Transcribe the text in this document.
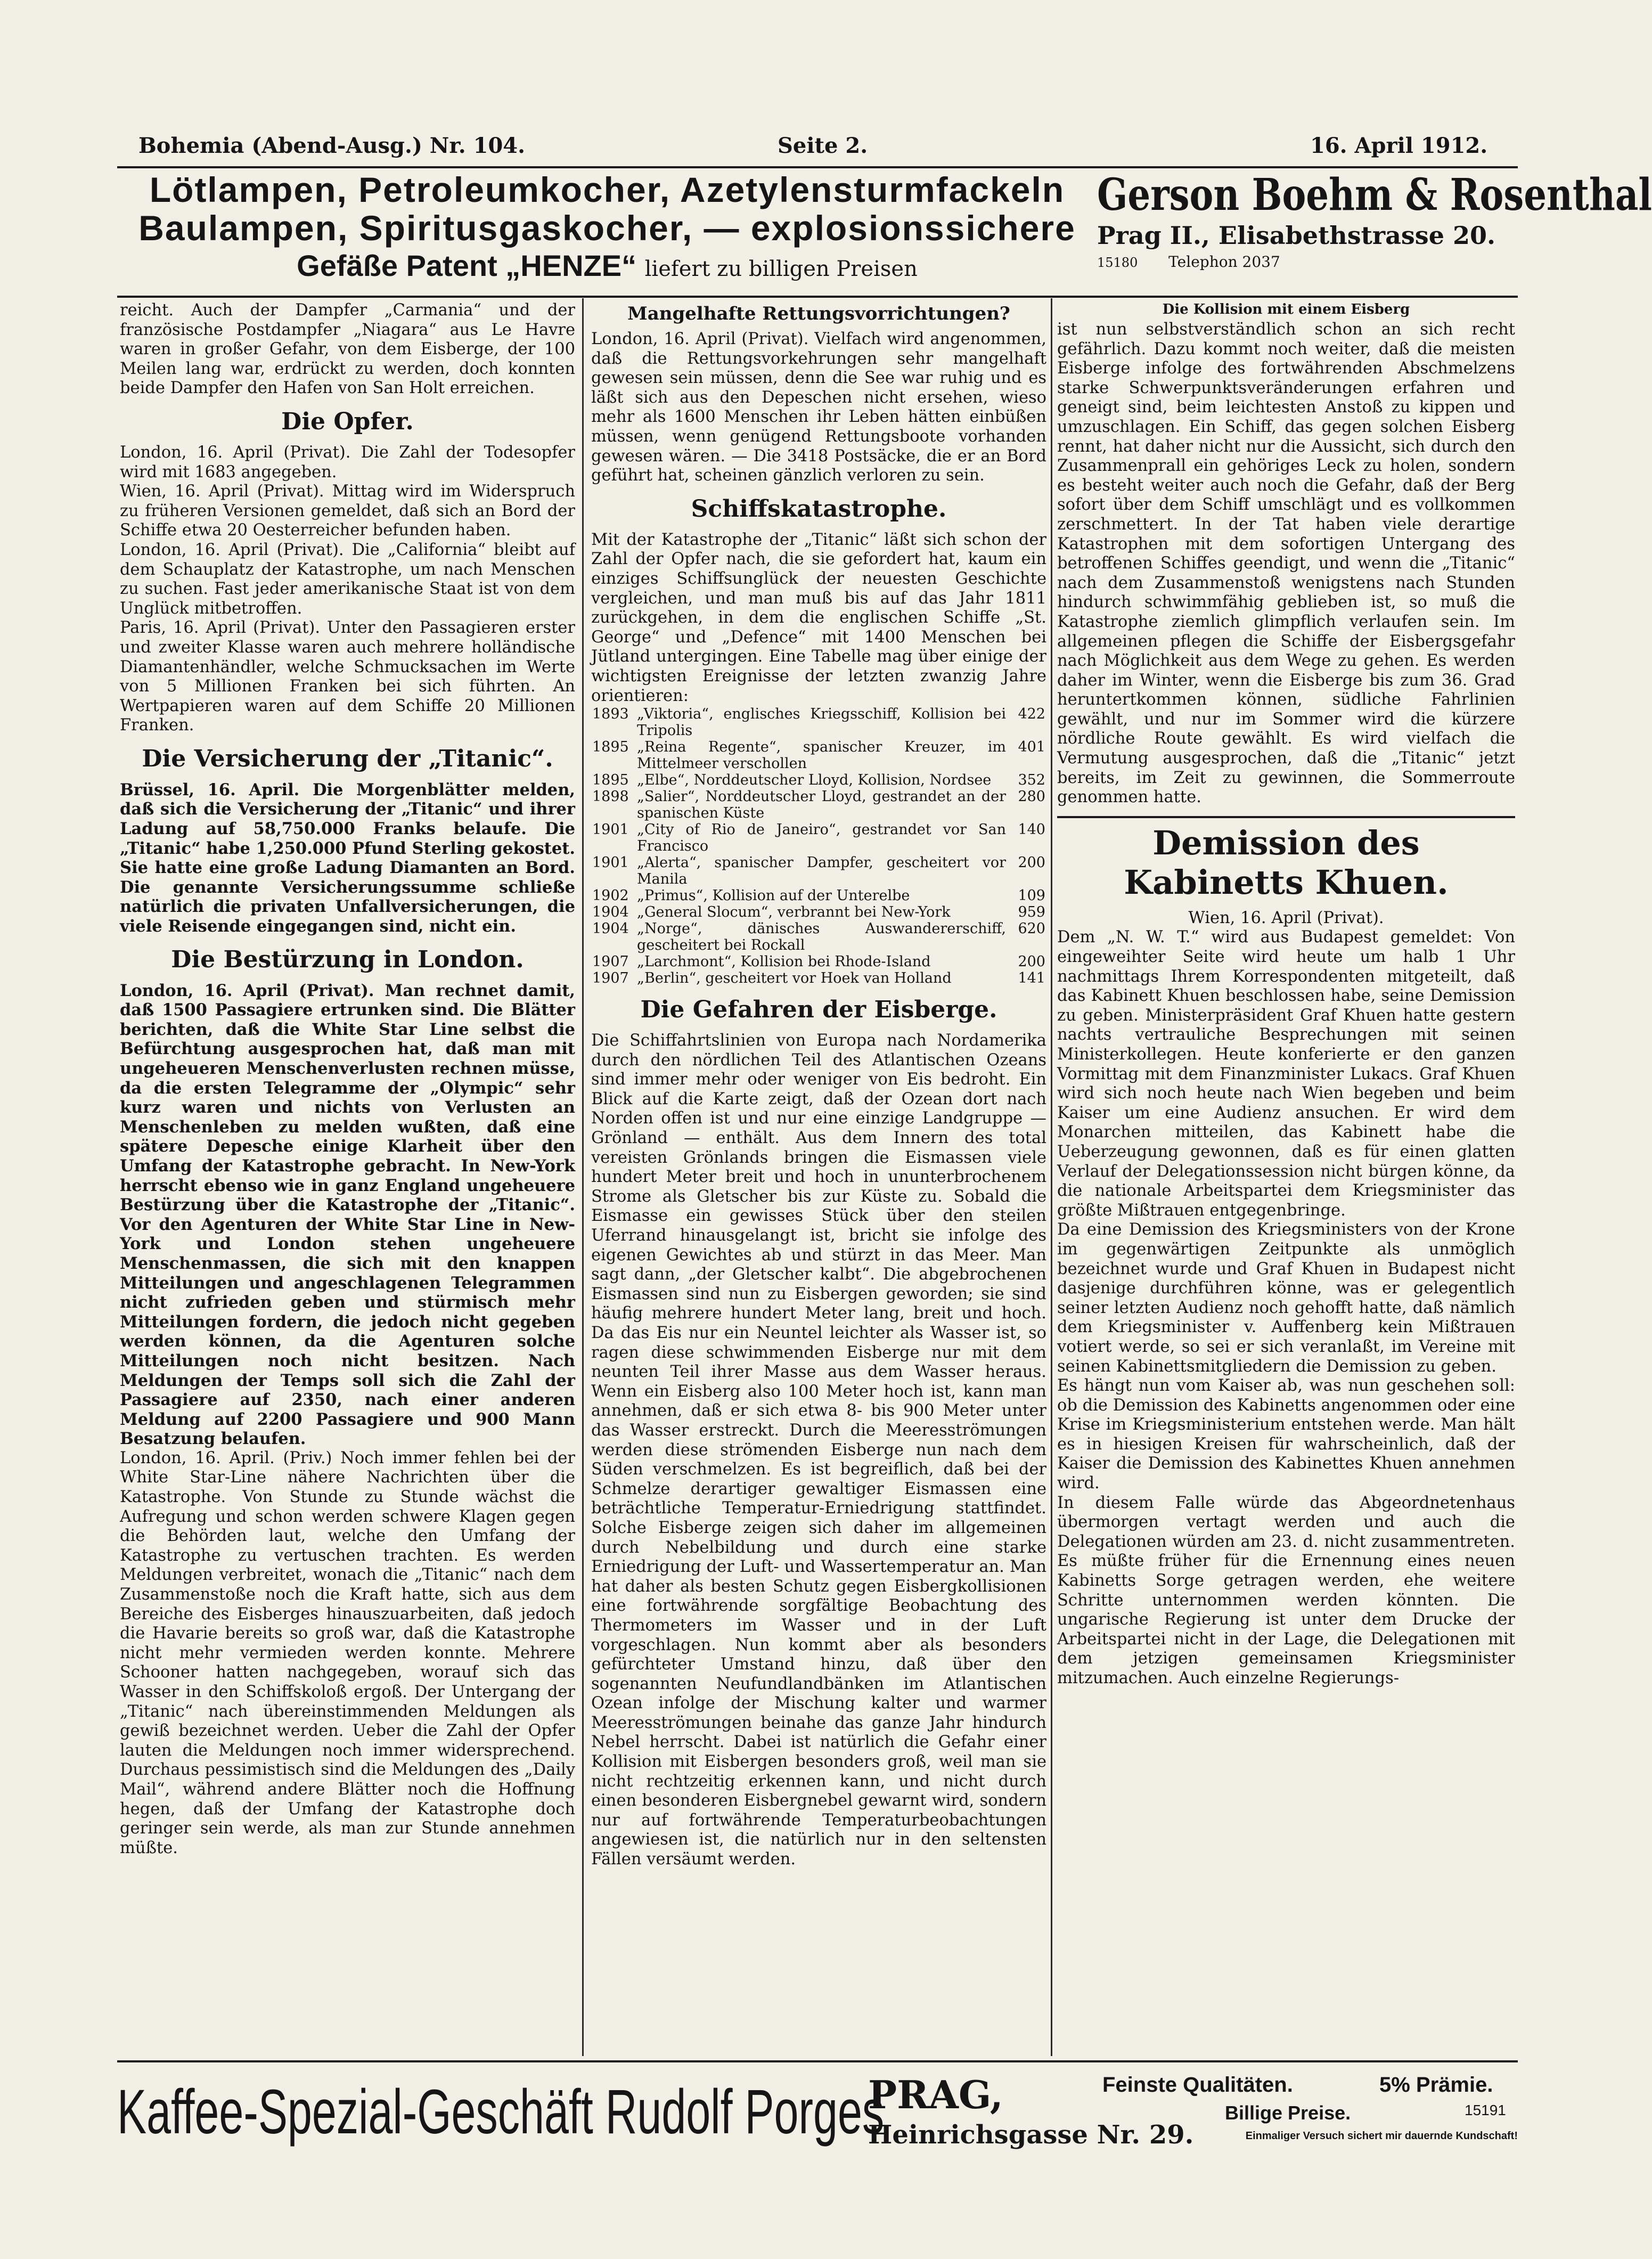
Bohemia (Abend-Ausg.) Nr. 104.	Seite 2.	16. April 1912.
Lötlampen, Petroleumkocher, Azetylensturmfackeln
Baulampen, Spiritusgaskocher, — explosionssichere
Gefäße Patent „HENZE“ liefert zu billigen Preisen
Gerson Boehm & Rosenthal
Prag II., Elisabethstrasse 20.
15180 Telephon 2037

reicht. Auch der Dampfer „Carmania“ und der französische Postdampfer „Niagara“ aus Le Havre waren in großer Gefahr, von dem Eisberge, der 100 Meilen lang war, erdrückt zu werden, doch konnten beide Dampfer den Hafen von San Holt erreichen.

Die Opfer.

London, 16. April (Privat). Die Zahl der Todesopfer wird mit 1683 angegeben.

Wien, 16. April (Privat). Mittag wird im Widerspruch zu früheren Versionen gemeldet, daß sich an Bord der Schiffe etwa 20 Oesterreicher befunden haben.

London, 16. April (Privat). Die „California“ bleibt auf dem Schauplatz der Katastrophe, um nach Menschen zu suchen. Fast jeder amerikanische Staat ist von dem Unglück mitbetroffen.

Paris, 16. April (Privat). Unter den Passagieren erster und zweiter Klasse waren auch mehrere holländische Diamantenhändler, welche Schmucksachen im Werte von 5 Millionen Franken bei sich führten. An Wertpapieren waren auf dem Schiffe 20 Millionen Franken.

Die Versicherung der „Titanic“.

Brüssel, 16. April. Die Morgenblätter melden, daß sich die Versicherung der „Titanic“ und ihrer Ladung auf 58,750.000 Franks belaufe. Die „Titanic“ habe 1,250.000 Pfund Sterling gekostet. Sie hatte eine große Ladung Diamanten an Bord. Die genannte Versicherungssumme schließe natürlich die privaten Unfallversicherungen, die viele Reisende eingegangen sind, nicht ein.

Die Bestürzung in London.

London, 16. April (Privat). Man rechnet damit, daß 1500 Passagiere ertrunken sind. Die Blätter berichten, daß die White Star Line selbst die Befürchtung ausgesprochen hat, daß man mit ungeheueren Menschenverlusten rechnen müsse, da die ersten Telegramme der „Olympic“ sehr kurz waren und nichts von Verlusten an Menschenleben zu melden wußten, daß eine spätere Depesche einige Klarheit über den Umfang der Katastrophe gebracht. In New-York herrscht ebenso wie in ganz England ungeheuere Bestürzung über die Katastrophe der „Titanic“. Vor den Agenturen der White Star Line in New-York und London stehen ungeheuere Menschenmassen, die sich mit den knappen Mitteilungen und angeschlagenen Telegrammen nicht zufrieden geben und stürmisch mehr Mitteilungen fordern, die jedoch nicht gegeben werden können, da die Agenturen solche Mitteilungen noch nicht besitzen. Nach Meldungen der Temps soll sich die Zahl der Passagiere auf 2350, nach einer anderen Meldung auf 2200 Passagiere und 900 Mann Besatzung belaufen.

London, 16. April. (Priv.) Noch immer fehlen bei der White Star-Line nähere Nachrichten über die Katastrophe. Von Stunde zu Stunde wächst die Aufregung und schon werden schwere Klagen gegen die Behörden laut, welche den Umfang der Katastrophe zu vertuschen trachten. Es werden Meldungen verbreitet, wonach die „Titanic“ nach dem Zusammenstoße noch die Kraft hatte, sich aus dem Bereiche des Eisberges hinauszuarbeiten, daß jedoch die Havarie bereits so groß war, daß die Katastrophe nicht mehr vermieden werden konnte. Mehrere Schooner hatten nachgegeben, worauf sich das Wasser in den Schiffskoloß ergoß. Der Untergang der „Titanic“ nach übereinstimmenden Meldungen als gewiß bezeichnet werden. Ueber die Zahl der Opfer lauten die Meldungen noch immer widersprechend. Durchaus pessimistisch sind die Meldungen des „Daily Mail“, während andere Blätter noch die Hoffnung hegen, daß der Umfang der Katastrophe doch geringer sein werde, als man zur Stunde annehmen müßte.

Mangelhafte Rettungsvorrichtungen?

London, 16. April (Privat). Vielfach wird angenommen, daß die Rettungsvorkehrungen sehr mangelhaft gewesen sein müssen, denn die See war ruhig und es läßt sich aus den Depeschen nicht ersehen, wieso mehr als 1600 Menschen ihr Leben hätten einbüßen müssen, wenn genügend Rettungsboote vorhanden gewesen wären. — Die 3418 Postsäcke, die er an Bord geführt hat, scheinen gänzlich verloren zu sein.

Schiffskatastrophe.

Mit der Katastrophe der „Titanic“ läßt sich schon der Zahl der Opfer nach, die sie gefordert hat, kaum ein einziges Schiffsunglück der neuesten Geschichte vergleichen, und man muß bis auf das Jahr 1811 zurückgehen, in dem die englischen Schiffe „St. George“ und „Defence“ mit 1400 Menschen bei Jütland untergingen. Eine Tabelle mag über einige der wichtigsten Ereignisse der letzten zwanzig Jahre orientieren:

1893	„Viktoria“, englisches Kriegsschiff, Kollision bei Tripolis	422
1895	„Reina Regente“, spanischer Kreuzer, im Mittelmeer verschollen	401
1895	„Elbe“, Norddeutscher Lloyd, Kollision, Nordsee	352
1898	„Salier“, Norddeutscher Lloyd, gestrandet an der spanischen Küste	280
1901	„City of Rio de Janeiro“, gestrandet vor San Francisco	140
1901	„Alerta“, spanischer Dampfer, gescheitert vor Manila	200
1902	„Primus“, Kollision auf der Unterelbe	109
1904	„General Slocum“, verbrannt bei New-York	959
1904	„Norge“, dänisches Auswandererschiff, gescheitert bei Rockall	620
1907	„Larchmont“, Kollision bei Rhode-Island	200
1907	„Berlin“, gescheitert vor Hoek van Holland	141
Die Gefahren der Eisberge.

Die Schiffahrtslinien von Europa nach Nordamerika durch den nördlichen Teil des Atlantischen Ozeans sind immer mehr oder weniger von Eis bedroht. Ein Blick auf die Karte zeigt, daß der Ozean dort nach Norden offen ist und nur eine einzige Landgruppe — Grönland — enthält. Aus dem Innern des total vereisten Grönlands bringen die Eismassen viele hundert Meter breit und hoch in ununterbrochenem Strome als Gletscher bis zur Küste zu. Sobald die Eismasse ein gewisses Stück über den steilen Uferrand hinausgelangt ist, bricht sie infolge des eigenen Gewichtes ab und stürzt in das Meer. Man sagt dann, „der Gletscher kalbt“. Die abgebrochenen Eismassen sind nun zu Eisbergen geworden; sie sind häufig mehrere hundert Meter lang, breit und hoch. Da das Eis nur ein Neuntel leichter als Wasser ist, so ragen diese schwimmenden Eisberge nur mit dem neunten Teil ihrer Masse aus dem Wasser heraus. Wenn ein Eisberg also 100 Meter hoch ist, kann man annehmen, daß er sich etwa 8- bis 900 Meter unter das Wasser erstreckt. Durch die Meeresströmungen werden diese strömenden Eisberge nun nach dem Süden verschmelzen. Es ist begreiflich, daß bei der Schmelze derartiger gewaltiger Eismassen eine beträchtliche Temperatur-Erniedrigung stattfindet. Solche Eisberge zeigen sich daher im allgemeinen durch Nebelbildung und durch eine starke Erniedrigung der Luft- und Wassertemperatur an. Man hat daher als besten Schutz gegen Eisbergkollisionen eine fortwährende sorgfältige Beobachtung des Thermometers im Wasser und in der Luft vorgeschlagen. Nun kommt aber als besonders gefürchteter Umstand hinzu, daß über den sogenannten Neufundlandbänken im Atlantischen Ozean infolge der Mischung kalter und warmer Meeresströmungen beinahe das ganze Jahr hindurch Nebel herrscht. Dabei ist natürlich die Gefahr einer Kollision mit Eisbergen besonders groß, weil man sie nicht rechtzeitig erkennen kann, und nicht durch einen besonderen Eisbergnebel gewarnt wird, sondern nur auf fortwährende Temperaturbeobachtungen angewiesen ist, die natürlich nur in den seltensten Fällen versäumt werden.

Die Kollision mit einem Eisberg

ist nun selbstverständlich schon an sich recht gefährlich. Dazu kommt noch weiter, daß die meisten Eisberge infolge des fortwährenden Abschmelzens starke Schwerpunktsveränderungen erfahren und geneigt sind, beim leichtesten Anstoß zu kippen und umzuschlagen. Ein Schiff, das gegen solchen Eisberg rennt, hat daher nicht nur die Aussicht, sich durch den Zusammenprall ein gehöriges Leck zu holen, sondern es besteht weiter auch noch die Gefahr, daß der Berg sofort über dem Schiff umschlägt und es vollkommen zerschmettert. In der Tat haben viele derartige Katastrophen mit dem sofortigen Untergang des betroffenen Schiffes geendigt, und wenn die „Titanic“ nach dem Zusammenstoß wenigstens nach Stunden hindurch schwimmfähig geblieben ist, so muß die Katastrophe ziemlich glimpflich verlaufen sein. Im allgemeinen pflegen die Schiffe der Eisbergsgefahr nach Möglichkeit aus dem Wege zu gehen. Es werden daher im Winter, wenn die Eisberge bis zum 36. Grad heruntertkommen können, südliche Fahrlinien gewählt, und nur im Sommer wird die kürzere nördliche Route gewählt. Es wird vielfach die Vermutung ausgesprochen, daß die „Titanic“ jetzt bereits, im Zeit zu gewinnen, die Sommerroute genommen hatte.

Demission des Kabinetts Khuen.

Wien, 16. April (Privat).

Dem „N. W. T.“ wird aus Budapest gemeldet: Von eingeweihter Seite wird heute um halb 1 Uhr nachmittags Ihrem Korrespondenten mitgeteilt, daß das Kabinett Khuen beschlossen habe, seine Demission zu geben. Ministerpräsident Graf Khuen hatte gestern nachts vertrauliche Besprechungen mit seinen Ministerkollegen. Heute konferierte er den ganzen Vormittag mit dem Finanzminister Lukacs. Graf Khuen wird sich noch heute nach Wien begeben und beim Kaiser um eine Audienz ansuchen. Er wird dem Monarchen mitteilen, das Kabinett habe die Ueberzeugung gewonnen, daß es für einen glatten Verlauf der Delegationssession nicht bürgen könne, da die nationale Arbeitspartei dem Kriegsminister das größte Mißtrauen entgegenbringe.

Da eine Demission des Kriegsministers von der Krone im gegenwärtigen Zeitpunkte als unmöglich bezeichnet wurde und Graf Khuen in Budapest nicht dasjenige durchführen könne, was er gelegentlich seiner letzten Audienz noch gehofft hatte, daß nämlich dem Kriegsminister v. Auffenberg kein Mißtrauen votiert werde, so sei er sich veranlaßt, im Vereine mit seinen Kabinettsmitgliedern die Demission zu geben.

Es hängt nun vom Kaiser ab, was nun geschehen soll: ob die Demission des Kabinetts angenommen oder eine Krise im Kriegsministerium entstehen werde. Man hält es in hiesigen Kreisen für wahrscheinlich, daß der Kaiser die Demission des Kabinettes Khuen annehmen wird.

In diesem Falle würde das Abgeordnetenhaus übermorgen vertagt werden und auch die Delegationen würden am 23. d. nicht zusammentreten. Es müßte früher für die Ernennung eines neuen Kabinetts Sorge getragen werden, ehe weitere Schritte unternommen werden könnten. Die ungarische Regierung ist unter dem Drucke der Arbeitspartei nicht in der Lage, die Delegationen mit dem jetzigen gemeinsamen Kriegsminister mitzumachen. Auch einzelne Regierungs-

Kaffee-Spezial-Geschäft Rudolf Porges
PRAG,
Heinrichsgasse Nr. 29.
Feinste Qualitäten.	5% Prämie.
Billige Preise.	15191
Einmaliger Versuch sichert mir dauernde Kundschaft!
